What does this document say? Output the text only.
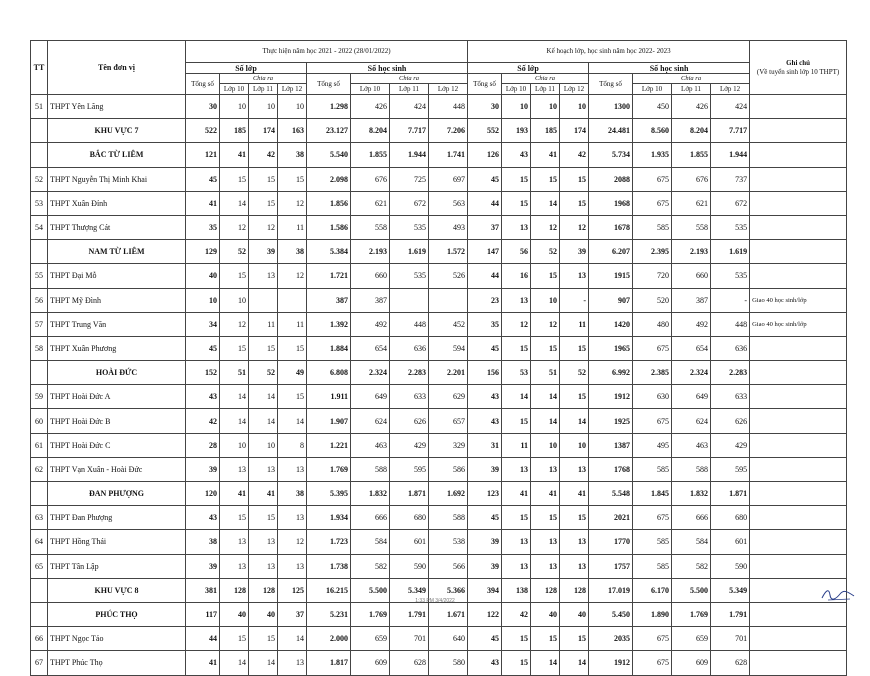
TT	Tên đơn vị	Thực hiện năm học 2021 - 2022 (28/01/2022)								Kế hoạch lớp, học sinh năm học 2022- 2023								Ghi chú
(Về tuyển sinh lớp 10 THPT)
		Số lớp				Số học sinh				Số lớp				Số học sinh				
		Tổng số	Chia ra			Tổng số	Chia ra			Tổng số	Chia ra			Tổng số	Chia ra			
			Lớp 10	Lớp 11	Lớp 12		Lớp 10	Lớp 11	Lớp 12		Lớp 10	Lớp 11	Lớp 12		Lớp 10	Lớp 11	Lớp 12	
51	THPT Yên Lãng	30	10	10	10	1.298	426	424	448	30	10	10	10	1300	450	426	424	
	KHU VỰC 7	522	185	174	163	23.127	8.204	7.717	7.206	552	193	185	174	24.481	8.560	8.204	7.717	
	BẮC TỪ LIÊM	121	41	42	38	5.540	1.855	1.944	1.741	126	43	41	42	5.734	1.935	1.855	1.944	
52	THPT Nguyễn Thị Minh Khai	45	15	15	15	2.098	676	725	697	45	15	15	15	2088	675	676	737	
53	THPT Xuân Đỉnh	41	14	15	12	1.856	621	672	563	44	15	14	15	1968	675	621	672	
54	THPT Thượng Cát	35	12	12	11	1.586	558	535	493	37	13	12	12	1678	585	558	535	
	NAM TỪ LIÊM	129	52	39	38	5.384	2.193	1.619	1.572	147	56	52	39	6.207	2.395	2.193	1.619	
55	THPT Đại Mỗ	40	15	13	12	1.721	660	535	526	44	16	15	13	1915	720	660	535	
56	THPT Mỹ Đình	10	10			387	387			23	13	10	-	907	520	387	-	Giao 40 học sinh/lớp
57	THPT Trung Văn	34	12	11	11	1.392	492	448	452	35	12	12	11	1420	480	492	448	Giao 40 học sinh/lớp
58	THPT Xuân Phương	45	15	15	15	1.884	654	636	594	45	15	15	15	1965	675	654	636	
	HOÀI ĐỨC	152	51	52	49	6.808	2.324	2.283	2.201	156	53	51	52	6.992	2.385	2.324	2.283	
59	THPT Hoài Đức A	43	14	14	15	1.911	649	633	629	43	14	14	15	1912	630	649	633	
60	THPT Hoài Đức B	42	14	14	14	1.907	624	626	657	43	15	14	14	1925	675	624	626	
61	THPT Hoài Đức C	28	10	10	8	1.221	463	429	329	31	11	10	10	1387	495	463	429	
62	THPT Vạn Xuân - Hoài Đức	39	13	13	13	1.769	588	595	586	39	13	13	13	1768	585	588	595	
	ĐAN PHƯỢNG	120	41	41	38	5.395	1.832	1.871	1.692	123	41	41	41	5.548	1.845	1.832	1.871	
63	THPT Đan Phượng	43	15	15	13	1.934	666	680	588	45	15	15	15	2021	675	666	680	
64	THPT Hồng Thái	38	13	13	12	1.723	584	601	538	39	13	13	13	1770	585	584	601	
65	THPT Tân Lập	39	13	13	13	1.738	582	590	566	39	13	13	13	1757	585	582	590	
	KHU VỰC 8	381	128	128	125	16.215	5.500	5.349	5.366	394	138	128	128	17.019	6.170	5.500	5.349	
	PHÚC THỌ	117	40	40	37	5.231	1.769	1.791	1.671	122	42	40	40	5.450	1.890	1.769	1.791	
66	THPT Ngọc Tảo	44	15	15	14	2.000	659	701	640	45	15	15	15	2035	675	659	701	
67	THPT Phúc Thọ	41	14	14	13	1.817	609	628	580	43	15	14	14	1912	675	609	628	
1:33 PM 3/4/2022
